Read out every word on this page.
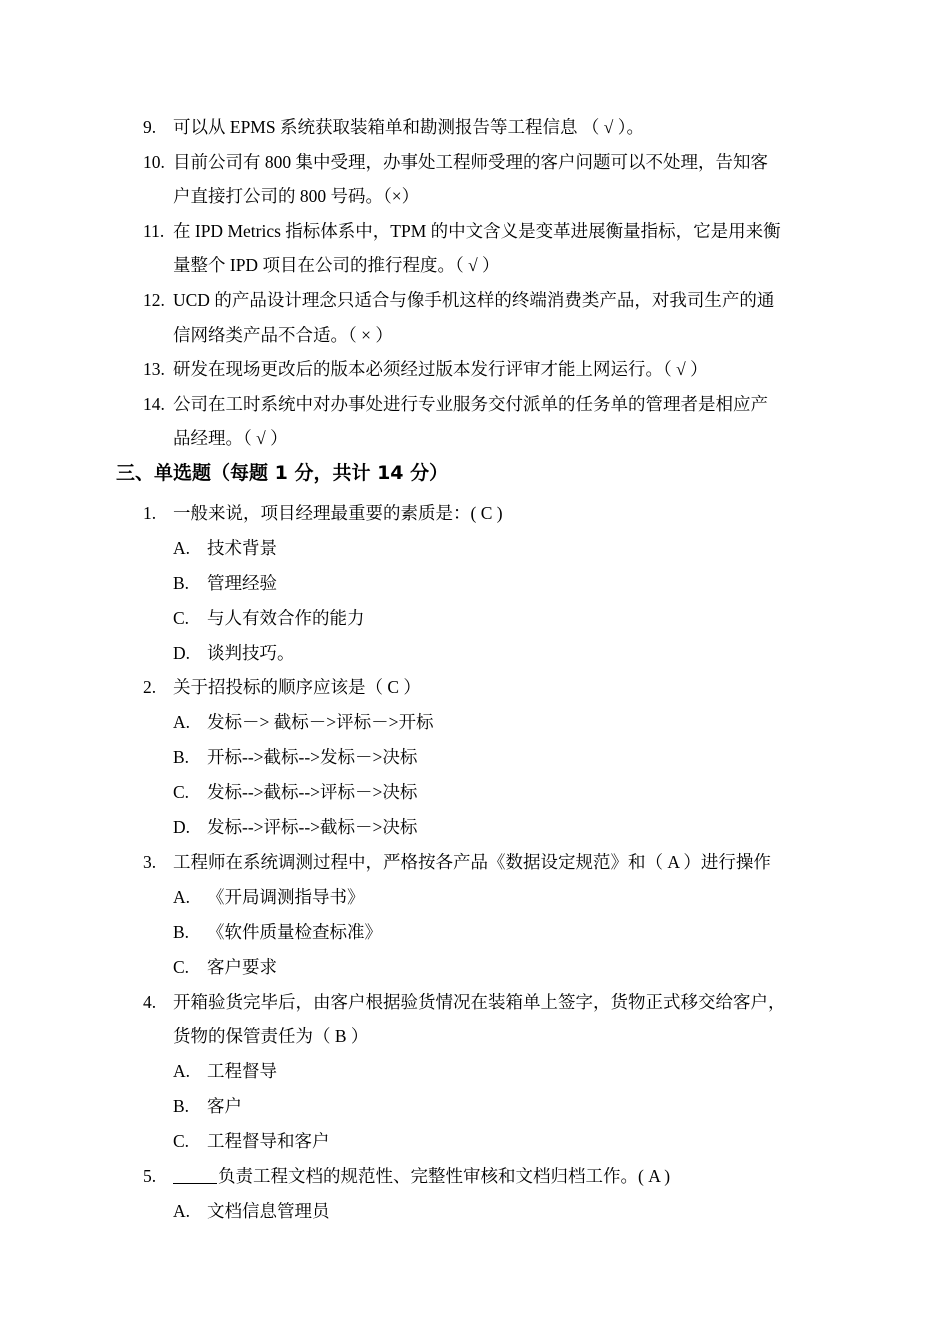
9. 可以从 EPMS 系统获取装箱单和勘测报告等工程信息 （ √ ）。
10. 目前公司有 800 集中受理，办事处工程师受理的客户问题可以不处理，告知客
户直接打公司的 800 号码。（×）
11. 在 IPD Metrics 指标体系中，TPM 的中文含义是变革进展衡量指标，它是用来衡
量整个 IPD 项目在公司的推行程度。（ √ ）
12. UCD 的产品设计理念只适合与像手机这样的终端消费类产品，对我司生产的通
信网络类产品不合适。（ × ）
13. 研发在现场更改后的版本必须经过版本发行评审才能上网运行。（ √ ）
14. 公司在工时系统中对办事处进行专业服务交付派单的任务单的管理者是相应产
品经理。（ √ ）
三、单选题（每题 1 分，共计 14 分）
1. 一般来说，项目经理最重要的素质是：( C )
A. 技术背景
B.	管理经验
C.	与人有效合作的能力
D. 谈判技巧。
2. 关于招投标的顺序应该是（ C ）
A. 发标－> 截标－>评标－>开标
B.	开标-->截标-->发标－>决标
C.	发标-->截标-->评标－>决标
D. 发标-->评标-->截标－>决标
3. 工程师在系统调测过程中，严格按各产品《数据设定规范》和（ A ）进行操作
A. 《开局调测指导书》
B.	《软件质量检查标准》
C.	客户要求
4. 开箱验货完毕后，由客户根据验货情况在装箱单上签字，货物正式移交给客户，
货物的保管责任为（ B ）
A. 工程督导
B.	客户
C.	工程督导和客户
5.	负责工程文档的规范性、完整性审核和文档归档工作。( A )
A. 文档信息管理员
